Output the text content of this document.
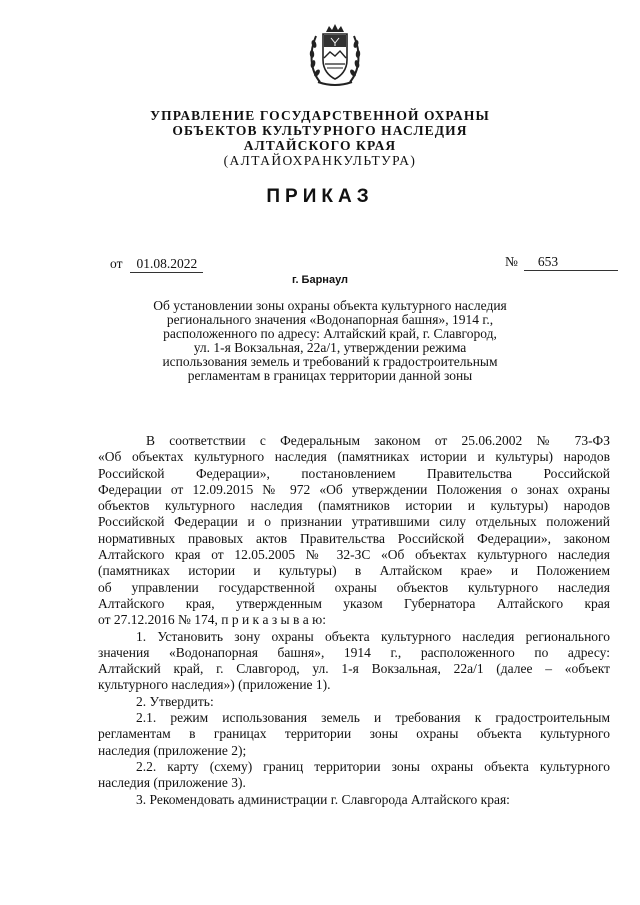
УПРАВЛЕНИЕ ГОСУДАРСТВЕННОЙ ОХРАНЫ
ОБЪЕКТОВ КУЛЬТУРНОГО НАСЛЕДИЯ
АЛТАЙСКОГО КРАЯ
(АЛТАЙОХРАНКУЛЬТУРА)
ПРИКАЗ
от 01.08.2022	№ 653
г. Барнаул
Об установлении зоны охраны объекта культурного наследия
регионального значения «Водонапорная башня», 1914 г.,
расположенного по адресу: Алтайский край, г. Славгород,
ул. 1-я Вокзальная, 22а/1, утверждении режима
использования земель и требований к градостроительным
регламентам в границах территории данной зоны

В соответствии с Федеральным законом от 25.06.2002 № 73-ФЗ

«Об объектах культурного наследия (памятниках истории и культуры) народов

Российской Федерации», постановлением Правительства Российской

Федерации от 12.09.2015 № 972 «Об утверждении Положения о зонах охраны

объектов культурного наследия (памятников истории и культуры) народов

Российской Федерации и о признании утратившими силу отдельных положений

нормативных правовых актов Правительства Российской Федерации», законом

Алтайского края от 12.05.2005 № 32-ЗС «Об объектах культурного наследия

(памятниках истории и культуры) в Алтайском крае» и Положением

об управлении государственной охраны объектов культурного наследия

Алтайского края, утвержденным указом Губернатора Алтайского края

от 27.12.2016 № 174, п р и к а з ы в а ю:

1. Установить зону охраны объекта культурного наследия регионального

значения «Водонапорная башня», 1914 г., расположенного по адресу:

Алтайский край, г. Славгород, ул. 1-я Вокзальная, 22а/1 (далее – «объект

культурного наследия») (приложение 1).

2. Утвердить:

2.1. режим использования земель и требования к градостроительным

регламентам в границах территории зоны охраны объекта культурного

наследия (приложение 2);

2.2. карту (схему) границ территории зоны охраны объекта культурного

наследия (приложение 3).

3. Рекомендовать администрации г. Славгорода Алтайского края:
